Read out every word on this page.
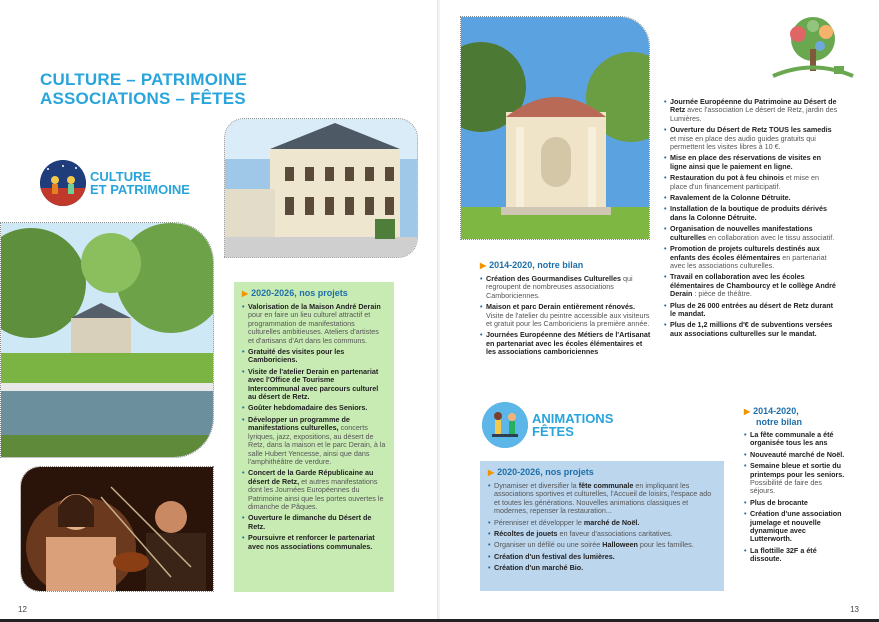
CULTURE – PATRIMOINE
ASSOCIATIONS – FÊTES
CULTURE
ET PATRIMOINE
▶ 2020-2026, nos projets
• Valorisation de la Maison André Derain pour en faire un lieu culturel attractif et programmation de manifestations culturelles ambitieuses. Ateliers d'artistes et d'artisans d'Art dans les communs.
• Gratuité des visites pour les Camboriciens.
• Visite de l'atelier Derain en partenariat avec l'Office de Tourisme Intercommunal avec parcours culturel au désert de Retz.
• Goûter hebdomadaire des Seniors.
• Développer un programme de manifestations culturelles, concerts lyriques, jazz, expositions, au désert de Retz, dans la maison et le parc Derain, à la salle Hubert Yencesse, ainsi que dans l'amphithéâtre de verdure.
• Concert de la Garde Républicaine au désert de Retz, et autres manifestations dont les Journées Européennes du Patrimoine ainsi que les portes ouvertes le dimanche de Pâques.
• Ouverture le dimanche du Désert de Retz.
• Poursuivre et renforcer le partenariat avec nos associations communales.
12
• Journée Européenne du Patrimoine au Désert de Retz avec l'association Le désert de Retz, jardin des Lumières.
• Ouverture du Désert de Retz TOUS les samedis et mise en place des audio guides gratuits qui permettent les visites libres à 10 €.
• Mise en place des réservations de visites en ligne ainsi que le paiement en ligne.
• Restauration du pot à feu chinois et mise en place d'un financement participatif.
• Ravalement de la Colonne Détruite.
• Installation de la boutique de produits dérivés dans la Colonne Détruite.
• Organisation de nouvelles manifestations culturelles en collaboration avec le tissu associatif.
• Promotion de projets culturels destinés aux enfants des écoles élémentaires en partenariat avec les associations culturelles.
• Travail en collaboration avec les écoles élémentaires de Chambourcy et le collège André Derain : pièce de théâtre.
• Plus de 26 000 entrées au désert de Retz durant le mandat.
• Plus de 1,2 millions d'€ de subventions versées aux associations culturelles sur le mandat.
▶ 2014-2020, notre bilan
• Création des Gourmandises Culturelles qui regroupent de nombreuses associations Camboriciennes.
• Maison et parc Derain entièrement rénovés. Visite de l'atelier du peintre accessible aux visiteurs et gratuit pour les Camboriciens la première année.
• Journées Européenne des Métiers de l'Artisanat en partenariat avec les écoles élémentaires et les associations camboriciennes
ANIMATIONS
FÊTES
▶ 2020-2026, nos projets
• Dynamiser et diversifier la fête communale en impliquant les associations sportives et culturelles, l'Accueil de loisirs, l'espace ado et toutes les générations. Nouvelles animations classiques et modernes, repenser la restauration...
• Pérenniser et développer le marché de Noël.
• Récoltes de jouets en faveur d'associations caritatives.
• Organiser un défilé ou une soirée Halloween pour les familles.
• Création d'un festival des lumières.
• Création d'un marché Bio.
▶ 2014-2020,
notre bilan
• La fête communale a été organisée tous les ans
• Nouveauté marché de Noël.
• Semaine bleue et sortie du printemps pour les seniors. Possibilité de faire des séjours.
• Plus de brocante
• Création d'une association jumelage et nouvelle dynamique avec Lutterworth.
• La flottille 32F a été dissoute.
13
